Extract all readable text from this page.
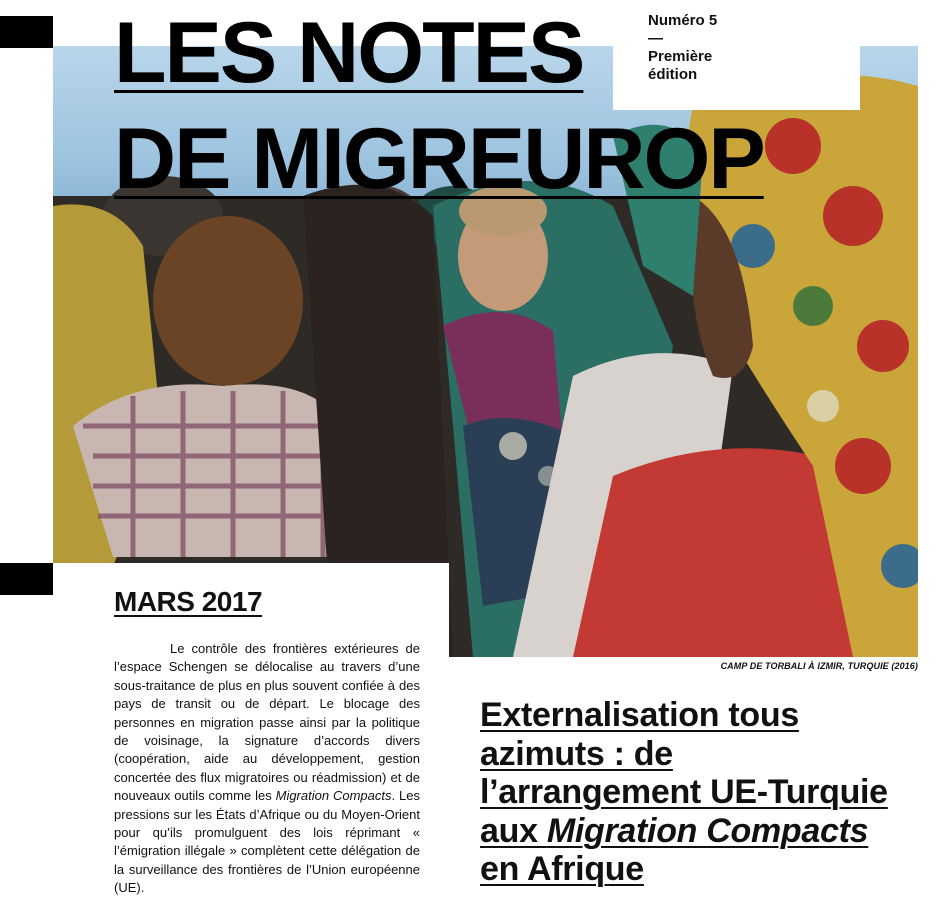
Numéro 5
—
Première
édition
LES NOTES
DE MIGREUROP
MARS 2017

Le contrôle des frontières extérieures de l’espace Schengen se délocalise au travers d’une sous-traitance de plus en plus souvent confiée à des pays de transit ou de départ. Le blocage des personnes en migration passe ainsi par la politique de voisinage, la signature d’accords divers (coopération, aide au développement, gestion concertée des flux migratoires ou réadmission) et de nouveaux outils comme les Migration Compacts. Les pressions sur les États d’Afrique ou du Moyen-Orient pour qu’ils promulguent des lois réprimant « l’émigration illégale » complètent cette délégation de la surveillance des frontières de l’Union européenne (UE).

CAMP DE TORBALI À IZMIR, TURQUIE (2016)
Externalisation tous azimuts : de l’arrangement UE-Turquie aux Migration Compacts en Afrique
